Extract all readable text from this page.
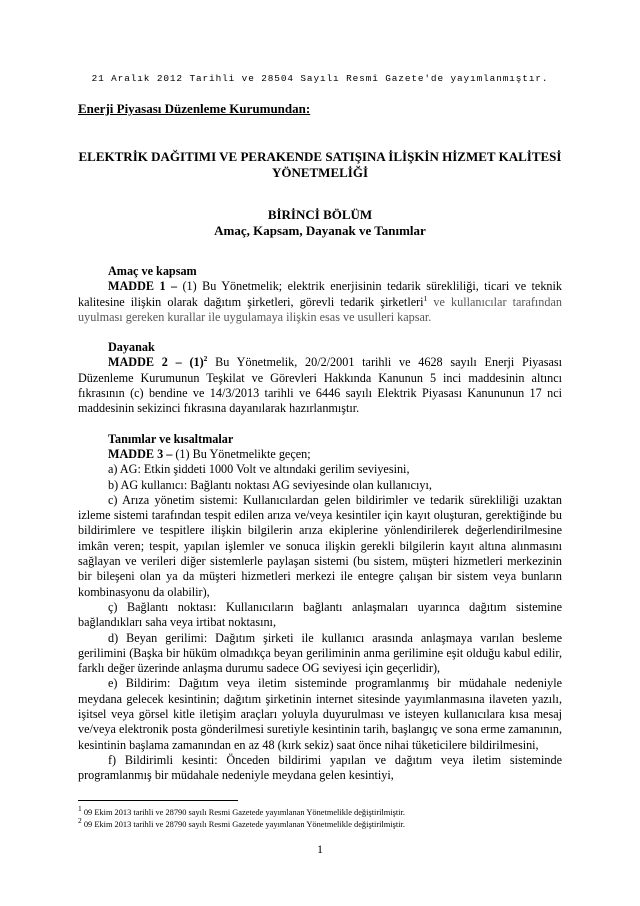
21 Aralık 2012 Tarihli ve 28504 Sayılı Resmî Gazete'de yayımlanmıştır.
Enerji Piyasası Düzenleme Kurumundan:
ELEKTRİK DAĞITIMI VE PERAKENDE SATIŞINA İLİŞKİN HİZMET KALİTESİ YÖNETMELİĞİ
BİRİNCİ BÖLÜM
Amaç, Kapsam, Dayanak ve Tanımlar

Amaç ve kapsam

MADDE 1 – (1) Bu Yönetmelik; elektrik enerjisinin tedarik sürekliliği, ticari ve teknik kalitesine ilişkin olarak dağıtım şirketleri, görevli tedarik şirketleri$^1$ ve kullanıcılar tarafından uyulması gereken kurallar ile uygulamaya ilişkin esas ve usulleri kapsar.

Dayanak

MADDE $2 - (1)^2$ Bu Yönetmelik, 20/2/2001 tarihli ve 4628 sayılı Enerji Piyasası Düzenleme Kurumunun Teşkilat ve Görevleri Hakkında Kanunun 5 inci maddesinin altıncı fıkrasının (c) bendine ve 14/3/2013 tarihli ve 6446 sayılı Elektrik Piyasası Kanununun 17 nci maddesinin sekizinci fıkrasına dayanılarak hazırlanmıştır.

Tanımlar ve kısaltmalar

MADDE 3 – (1) Bu Yönetmelikte geçen;

a) AG: Etkin şiddeti 1000 Volt ve altındaki gerilim seviyesini,

b) AG kullanıcı: Bağlantı noktası AG seviyesinde olan kullanıcıyı,

c) Arıza yönetim sistemi: Kullanıcılardan gelen bildirimler ve tedarik sürekliliği uzaktan izleme sistemi tarafından tespit edilen arıza ve/veya kesintiler için kayıt oluşturan, gerektiğinde bu bildirimlere ve tespitlere ilişkin bilgilerin arıza ekiplerine yönlendirilerek değerlendirilmesine imkân veren; tespit, yapılan işlemler ve sonuca ilişkin gerekli bilgilerin kayıt altına alınmasını sağlayan ve verileri diğer sistemlerle paylaşan sistemi (bu sistem, müşteri hizmetleri merkezinin bir bileşeni olan ya da müşteri hizmetleri merkezi ile entegre çalışan bir sistem veya bunların kombinasyonu da olabilir),

ç) Bağlantı noktası: Kullanıcıların bağlantı anlaşmaları uyarınca dağıtım sistemine bağlandıkları saha veya irtibat noktasını,

d) Beyan gerilimi: Dağıtım şirketi ile kullanıcı arasında anlaşmaya varılan besleme gerilimini (Başka bir hüküm olmadıkça beyan geriliminin anma gerilimine eşit olduğu kabul edilir, farklı değer üzerinde anlaşma durumu sadece OG seviyesi için geçerlidir),

e) Bildirim: Dağıtım veya iletim sisteminde programlanmış bir müdahale nedeniyle meydana gelecek kesintinin; dağıtım şirketinin internet sitesinde yayımlanmasına ilaveten yazılı, işitsel veya görsel kitle iletişim araçları yoluyla duyurulması ve isteyen kullanıcılara kısa mesaj ve/veya elektronik posta gönderilmesi suretiyle kesintinin tarih, başlangıç ve sona erme zamanının, kesintinin başlama zamanından en az 48 (kırk sekiz) saat önce nihai tüketicilere bildirilmesini,

f) Bildirimli kesinti: Önceden bildirimi yapılan ve dağıtım veya iletim sisteminde programlanmış bir müdahale nedeniyle meydana gelen kesintiyi,

$^1$ 09 Ekim 2013 tarihli ve 28790 sayılı Resmi Gazetede yayımlanan Yönetmelikle değiştirilmiştir.

$^2$ 09 Ekim 2013 tarihli ve 28790 sayılı Resmi Gazetede yayımlanan Yönetmelikle değiştirilmiştir.

1
